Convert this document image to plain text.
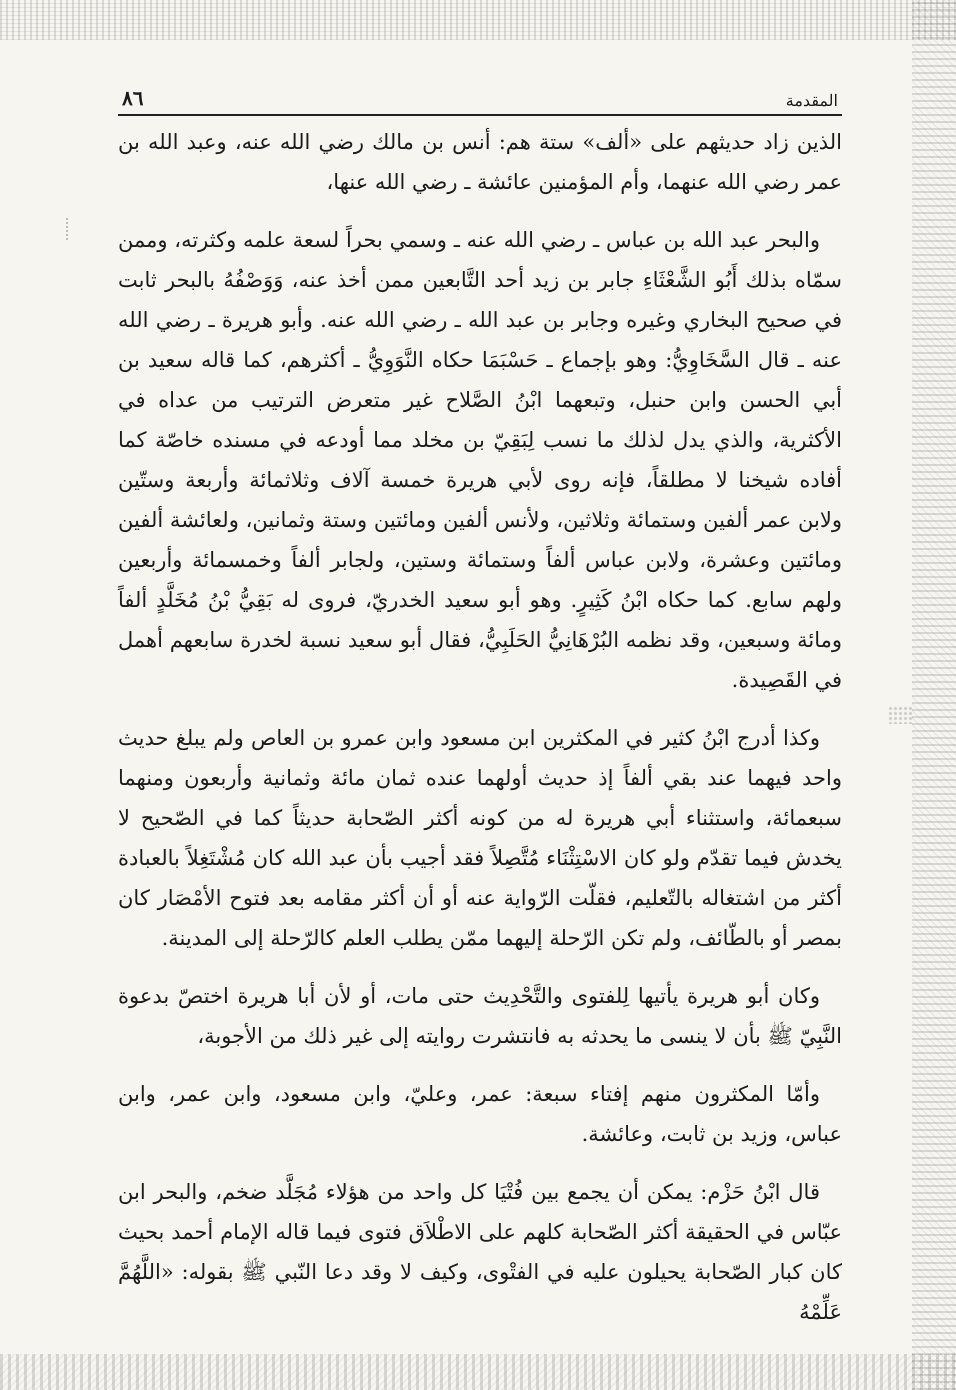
المقدمة
٨٦

الذين زاد حديثهم على «ألف» ستة هم: أنس بن مالك رضي الله عنه، وعبد الله بن عمر رضي الله عنهما، وأم المؤمنين عائشة ـ رضي الله عنها،

والبحر عبد الله بن عباس ـ رضي الله عنه ـ وسمي بحراً لسعة علمه وكثرته، وممن سمّاه بذلك أَبُو الشَّعْثَاءِ جابر بن زيد أحد التَّابعين ممن أخذ عنه، وَوَصْفُهُ بالبحر ثابت في صحيح البخاري وغيره وجابر بن عبد الله ـ رضي الله عنه. وأبو هريرة ـ رضي الله عنه ـ قال السَّخَاوِيُّ: وهو بإجماع ـ حَسْبَمَا حكاه النَّوَوِيُّ ـ أكثرهم، كما قاله سعيد بن أبي الحسن وابن حنبل، وتبعهما ابْنُ الصَّلاح غير متعرض الترتيب من عداه في الأكثرية، والذي يدل لذلك ما نسب لِبَقِيّ بن مخلد مما أودعه في مسنده خاصّة كما أفاده شيخنا لا مطلقاً، فإنه روى لأبي هريرة خمسة آلاف وثلاثمائة وأربعة وستّين ولابن عمر ألفين وستمائة وثلاثين، ولأنس ألفين ومائتين وستة وثمانين، ولعائشة ألفين ومائتين وعشرة، ولابن عباس ألفاً وستمائة وستين، ولجابر ألفاً وخمسمائة وأربعين ولهم سابع. كما حكاه ابْنُ كَثِيرٍ. وهو أبو سعيد الخدريّ، فروى له بَقِيُّ بْنُ مُخَلَّدٍ ألفاً ومائة وسبعين، وقد نظمه البُرْهَانِيُّ الحَلَبِيُّ، فقال أبو سعيد نسبة لخدرة سابعهم أهمل في القَصِيدة.

وكذا أدرج ابْنُ كثير في المكثرين ابن مسعود وابن عمرو بن العاص ولم يبلغ حديث واحد فيهما عند بقي ألفاً إذ حديث أولهما عنده ثمان مائة وثمانية وأربعون ومنهما سبعمائة، واستثناء أبي هريرة له من كونه أكثر الصّحابة حديثاً كما في الصّحيح لا يخدش فيما تقدّم ولو كان الاسْتِثْنَاء مُتَّصِلاً فقد أجيب بأن عبد الله كان مُشْتَغِلاً بالعبادة أكثر من اشتغاله بالتّعليم، فقلّت الرّواية عنه أو أن أكثر مقامه بعد فتوح الأمْصَار كان بمصر أو بالطّائف، ولم تكن الرّحلة إليهما ممّن يطلب العلم كالرّحلة إلى المدينة.

وكان أبو هريرة يأتيها لِلفتوى والتَّحْدِيث حتى مات، أو لأن أبا هريرة اختصّ بدعوة النَّبِيّ ﷺ بأن لا ينسى ما يحدثه به فانتشرت روايته إلى غير ذلك من الأجوبة،

وأمّا المكثرون منهم إفتاء سبعة: عمر، وعليّ، وابن مسعود، وابن عمر، وابن عباس، وزيد بن ثابت، وعائشة.

قال ابْنُ حَزْم: يمكن أن يجمع بين فُتْيَا كل واحد من هؤلاء مُجَلَّد ضخم، والبحر ابن عبّاس في الحقيقة أكثر الصّحابة كلهم على الاطْلاَق فتوى فيما قاله الإمام أحمد بحيث كان كبار الصّحابة يحيلون عليه في الفتْوى، وكيف لا وقد دعا النّبي ﷺ بقوله: «اللَّهُمَّ عَلِّمْهُ
